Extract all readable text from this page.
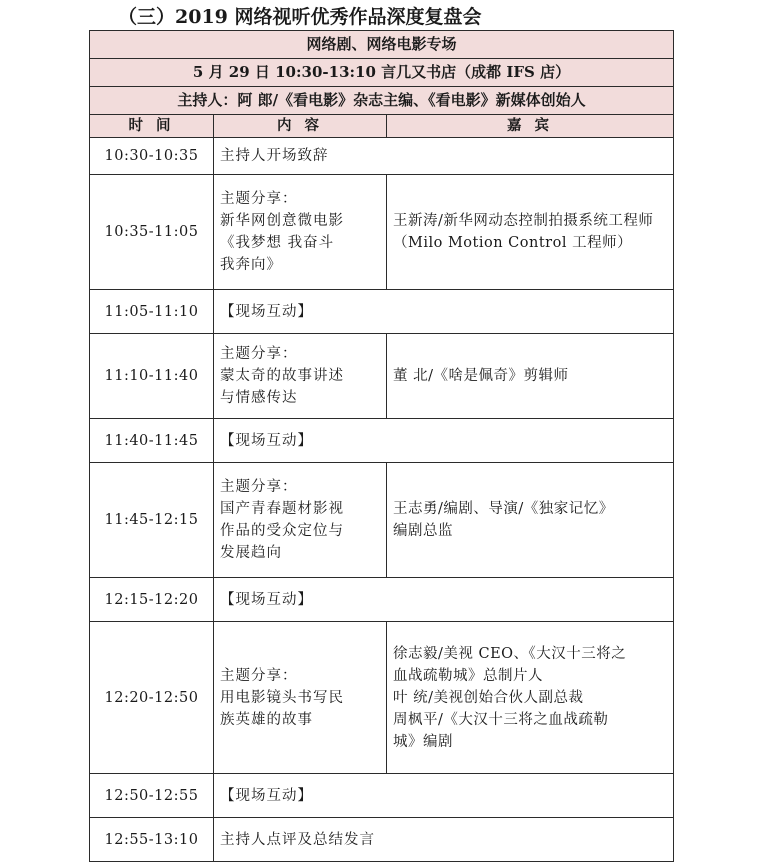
（三）2019 网络视听优秀作品深度复盘会
网络剧、网络电影专场		
5 月 29 日 10:30-13:10 言几又书店（成都 IFS 店）		
主持人：阿 郎/《看电影》杂志主编、《看电影》新媒体创始人		
时 间	内 容	嘉 宾
10:30-10:35	主持人开场致辞	
10:35-11:05	主题分享：
新华网创意微电影
《我梦想 我奋斗
我奔向》	王新涛/新华网动态控制拍摄系统工程师（Milo Motion Control 工程师）
11:05-11:10	【现场互动】	
11:10-11:40	主题分享：
蒙太奇的故事讲述
与情感传达	董 北/《啥是佩奇》剪辑师
11:40-11:45	【现场互动】	
11:45-12:15	主题分享：
国产青春题材影视
作品的受众定位与
发展趋向	王志勇/编剧、导演/《独家记忆》
编剧总监
12:15-12:20	【现场互动】	
12:20-12:50	主题分享：
用电影镜头书写民
族英雄的故事	徐志毅/美视 CEO、《大汉十三将之
血战疏勒城》总制片人
叶 统/美视创始合伙人副总裁
周枫平/《大汉十三将之血战疏勒
城》编剧
12:50-12:55	【现场互动】	
12:55-13:10	主持人点评及总结发言	
